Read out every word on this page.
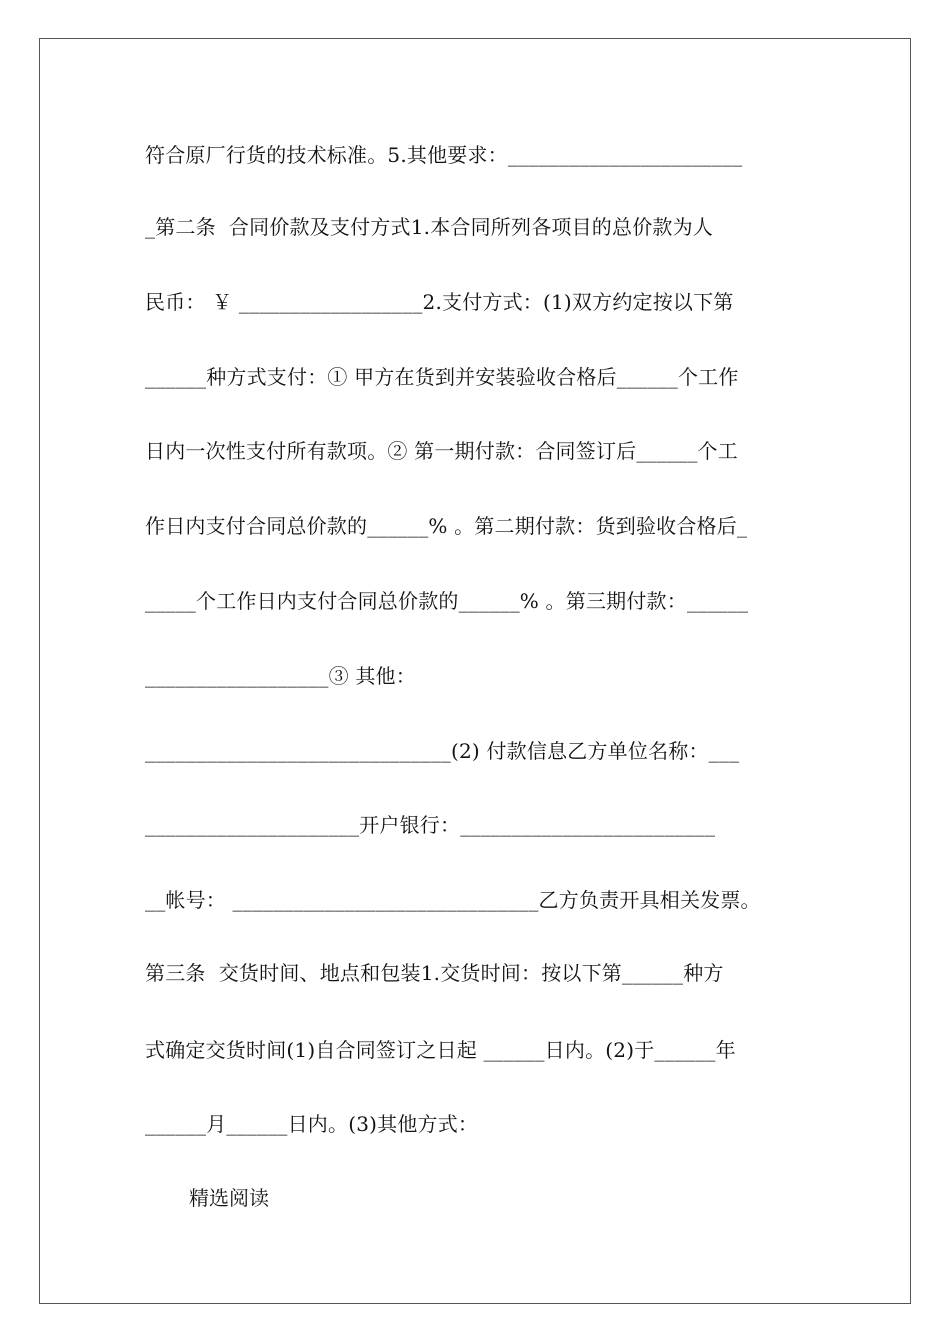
符合原厂行货的技术标准。5.其他要求：_______________________
_第二条  合同价款及支付方式1.本合同所列各项目的总价款为人
民币： ￥ __________________2.支付方式：(1)双方约定按以下第
______种方式支付：① 甲方在货到并安装验收合格后______个工作
日内一次性支付所有款项。② 第一期付款：合同签订后______个工
作日内支付合同总价款的______% 。第二期付款：货到验收合格后_
_____个工作日内支付合同总价款的______% 。第三期付款：______
__________________③ 其他：
______________________________(2) 付款信息乙方单位名称：___
_____________________开户银行：_________________________
__帐号： ______________________________乙方负责开具相关发票。
第三条  交货时间、地点和包装1.交货时间：按以下第______种方
式确定交货时间(1)自合同签订之日起 ______日内。(2)于______年
______月______日内。(3)其他方式：
精选阅读
